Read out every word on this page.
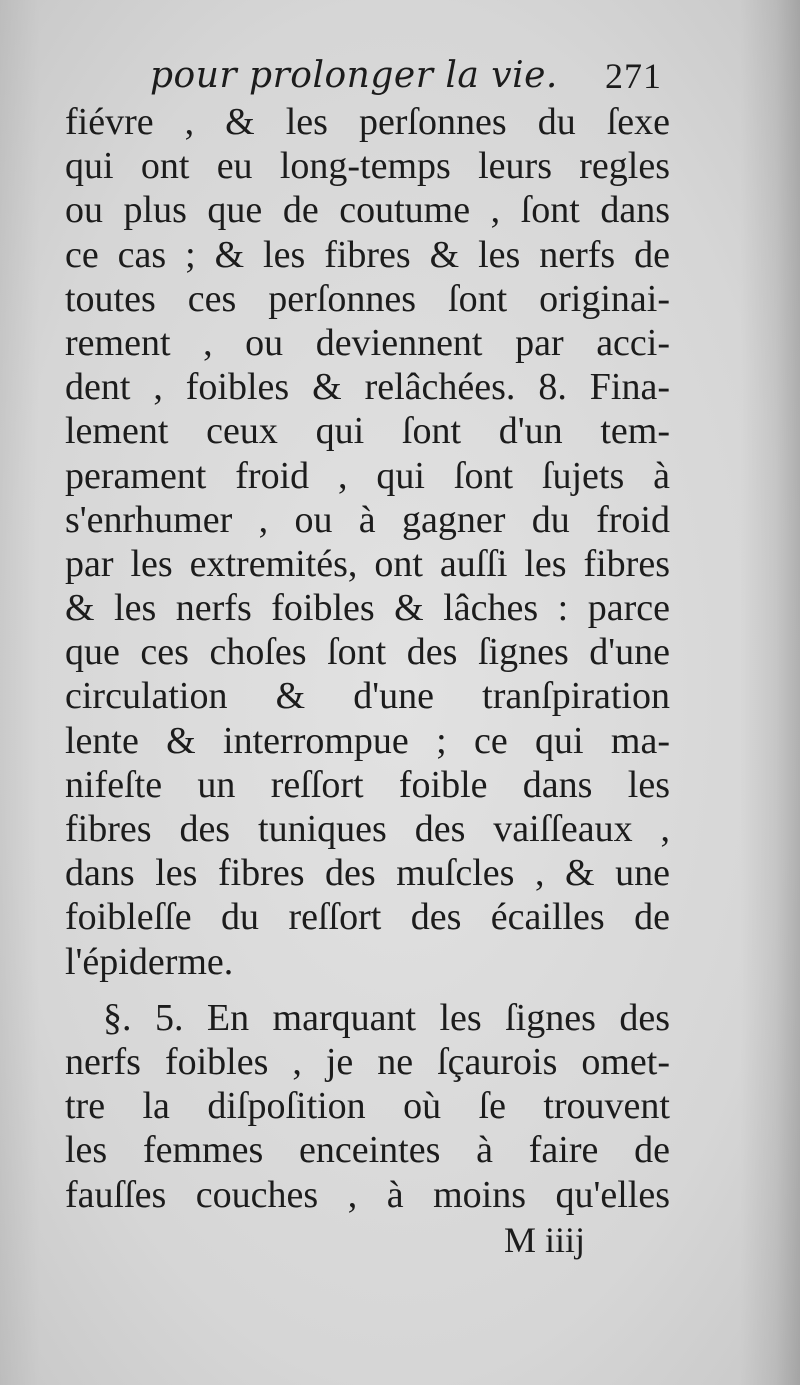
pour prolonger la vie. 271
fiévre , & les perſonnes du ſexe
qui ont eu long-temps leurs regles
ou plus que de coutume , ſont dans
ce cas ; & les fibres & les nerfs de
toutes ces perſonnes ſont originai-
rement , ou deviennent par acci-
dent , foibles & relâchées. 8. Fina-
lement ceux qui ſont d'un tem-
perament froid , qui ſont ſujets à
s'enrhumer , ou à gagner du froid
par les extremités, ont auſſi les fibres
& les nerfs foibles & lâches : parce
que ces choſes ſont des ſignes d'une
circulation & d'une tranſpiration
lente & interrompue ; ce qui ma-
nifeſte un reſſort foible dans les
fibres des tuniques des vaiſſeaux ,
dans les fibres des muſcles , & une
foibleſſe du reſſort des écailles de
l'épiderme.
§. 5. En marquant les ſignes des
nerfs foibles , je ne ſçaurois omet-
tre la diſpoſition où ſe trouvent
les femmes enceintes à faire de
fauſſes couches , à moins qu'elles
M iiij
